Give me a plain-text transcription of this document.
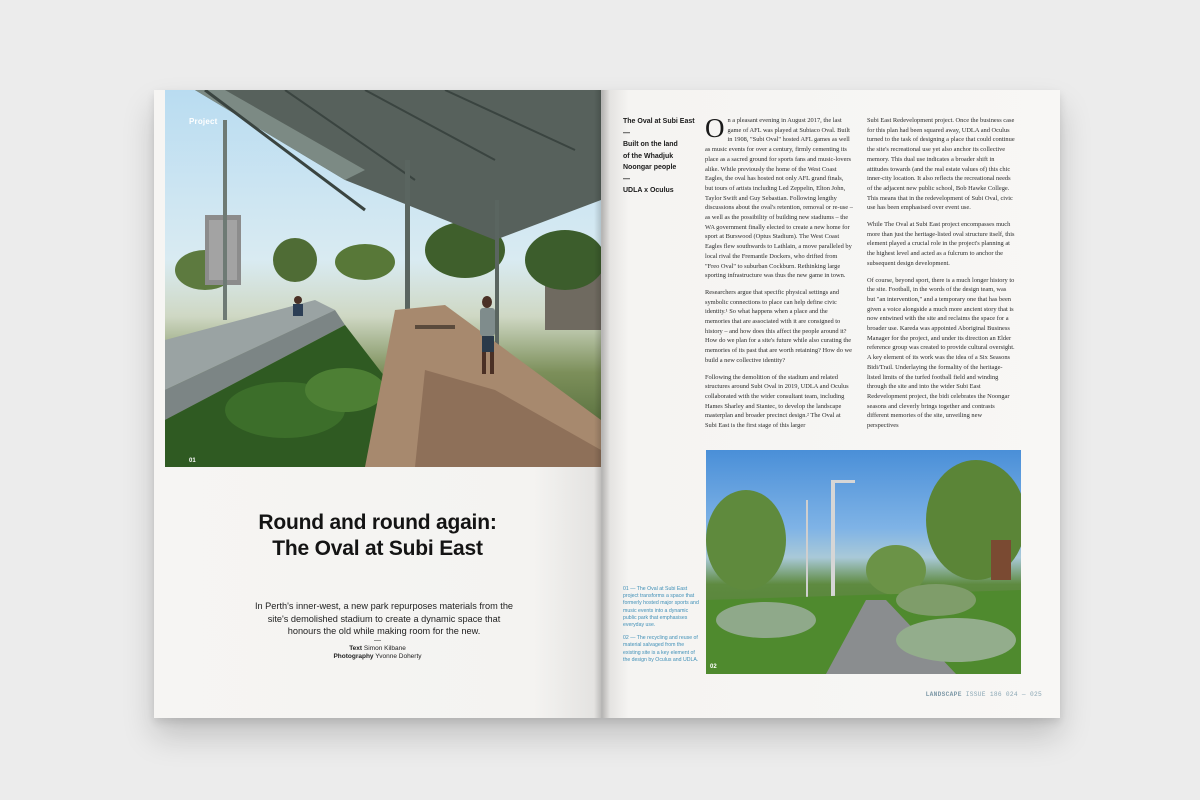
Project
01
Round and round again:
The Oval at Subi East
In Perth's inner-west, a new park repurposes materials from the site's demolished stadium to create a dynamic space that honours the old while making room for the new.
—
Text Simon Kilbane
Photography Yvonne Doherty
The Oval at Subi East
—
Built on the land
of the Whadjuk
Noongar people
—
UDLA x Oculus

On a pleasant evening in August 2017, the last game of AFL was played at Subiaco Oval. Built in 1908, "Subi Oval" hosted AFL games as well as music events for over a century, firmly cementing its place as a sacred ground for sports fans and music-lovers alike. While previously the home of the West Coast Eagles, the oval has hosted not only AFL grand finals, but tours of artists including Led Zeppelin, Elton John, Taylor Swift and Guy Sebastian. Following lengthy discussions about the oval's retention, removal or re-use – as well as the possibility of building new stadiums – the WA government finally elected to create a new home for sport at Burswood (Optus Stadium). The West Coast Eagles flew southwards to Lathlain, a move paralleled by local rival the Fremantle Dockers, who drifted from "Freo Oval" to suburban Cockburn. Rethinking large sporting infrastructure was thus the new game in town.

Researchers argue that specific physical settings and symbolic connections to place can help define civic identity.¹ So what happens when a place and the memories that are associated with it are consigned to history – and how does this affect the people around it? How do we plan for a site's future while also curating the memories of its past that are worth retaining? How do we build a new collective identity?

Following the demolition of the stadium and related structures around Subi Oval in 2019, UDLA and Oculus collaborated with the wider consultant team, including Hames Sharley and Stantec, to develop the landscape masterplan and broader precinct design.² The Oval at Subi East is the first stage of this larger

Subi East Redevelopment project. Once the business case for this plan had been squared away, UDLA and Oculus turned to the task of designing a place that could continue the site's recreational use yet also anchor its collective memory. This dual use indicates a broader shift in attitudes towards (and the real estate values of) this chic inner-city location. It also reflects the recreational needs of the adjacent new public school, Bob Hawke College. This means that in the redevelopment of Subi Oval, civic use has been emphasised over event use.

While The Oval at Subi East project encompasses much more than just the heritage-listed oval structure itself, this element played a crucial role in the project's planning at the highest level and acted as a fulcrum to anchor the subsequent design development.

Of course, beyond sport, there is a much longer history to the site. Football, in the words of the design team, was but "an intervention," and a temporary one that has been given a voice alongside a much more ancient story that is now entwined with the site and reclaims the space for a broader use. Kareda was appointed Aboriginal Business Manager for the project, and under its direction an Elder reference group was created to provide cultural oversight. A key element of its work was the idea of a Six Seasons Bidi/Trail. Underlaying the formality of the heritage-listed limits of the turfed football field and winding through the site and into the wider Subi East Redevelopment project, the bidi celebrates the Noongar seasons and cleverly brings together and contrasts different memories of the site, unveiling new perspectives

02

01 — The Oval at Subi East project transforms a space that formerly hosted major sports and music events into a dynamic public park that emphasises everyday use.

02 — The recycling and reuse of material salvaged from the existing site is a key element of the design by Oculus and UDLA.

LANDSCAPE ISSUE 186 024 — 025
